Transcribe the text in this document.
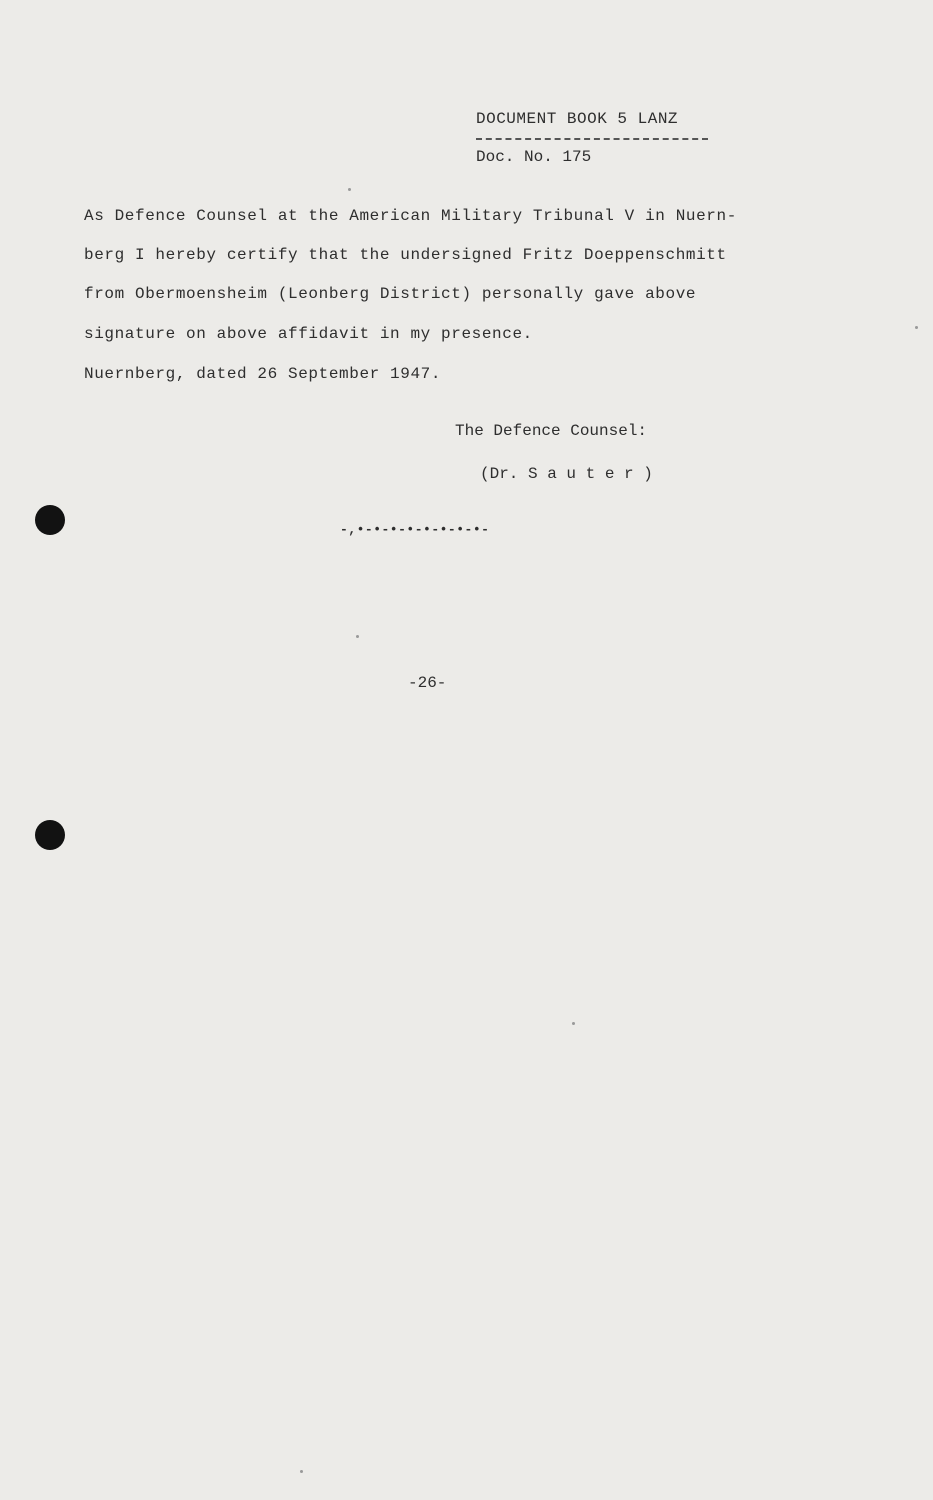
DOCUMENT BOOK 5 LANZ
Doc. No. 175
As Defence Counsel at the American Military Tribunal V in Nuern-
berg I hereby certify that the undersigned Fritz Doeppenschmitt
from Obermoensheim (Leonberg District) personally gave above
signature on above affidavit in my presence.
Nuernberg, dated 26 September 1947.
The Defence Counsel:
(Dr. S a u t e r )
-,•-•-•-•-•-•-•-•-
-26-
